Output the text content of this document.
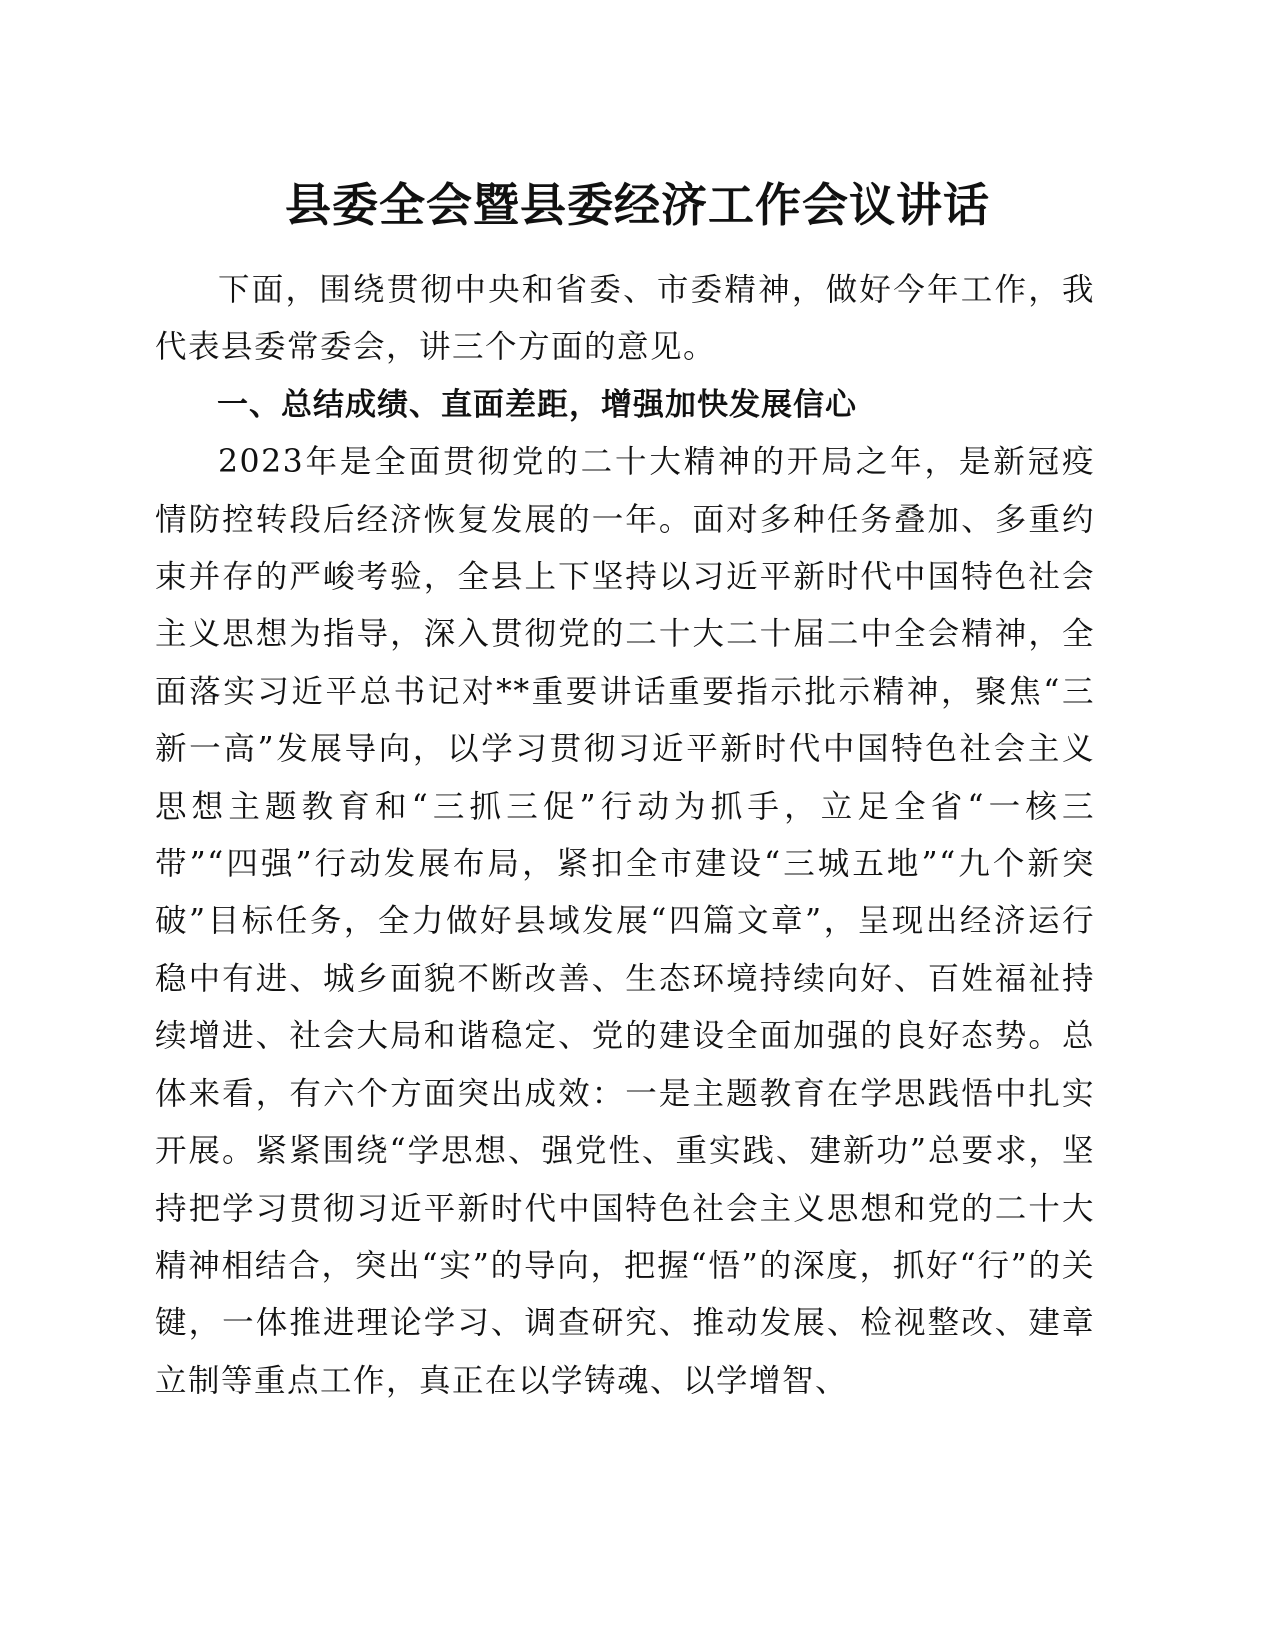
县委全会暨县委经济工作会议讲话

下面，围绕贯彻中央和省委、市委精神，做好今年工作，我代表县委常委会，讲三个方面的意见。

一、总结成绩、直面差距，增强加快发展信心

2023年是全面贯彻党的二十大精神的开局之年，是新冠疫情防控转段后经济恢复发展的一年。面对多种任务叠加、多重约束并存的严峻考验，全县上下坚持以习近平新时代中国特色社会主义思想为指导，深入贯彻党的二十大二十届二中全会精神，全面落实习近平总书记对**重要讲话重要指示批示精神，聚焦“三新一高”发展导向，以学习贯彻习近平新时代中国特色社会主义思想主题教育和“三抓三促”行动为抓手，立足全省“一核三带”“四强”行动发展布局，紧扣全市建设“三城五地”“九个新突破”目标任务，全力做好县域发展“四篇文章”，呈现出经济运行稳中有进、城乡面貌不断改善、生态环境持续向好、百姓福祉持续增进、社会大局和谐稳定、党的建设全面加强的良好态势。总体来看，有六个方面突出成效：一是主题教育在学思践悟中扎实开展。紧紧围绕“学思想、强党性、重实践、建新功”总要求，坚持把学习贯彻习近平新时代中国特色社会主义思想和党的二十大精神相结合，突出“实”的导向，把握“悟”的深度，抓好“行”的关键，一体推进理论学习、调查研究、推动发展、检视整改、建章立制等重点工作，真正在以学铸魂、以学增智、
